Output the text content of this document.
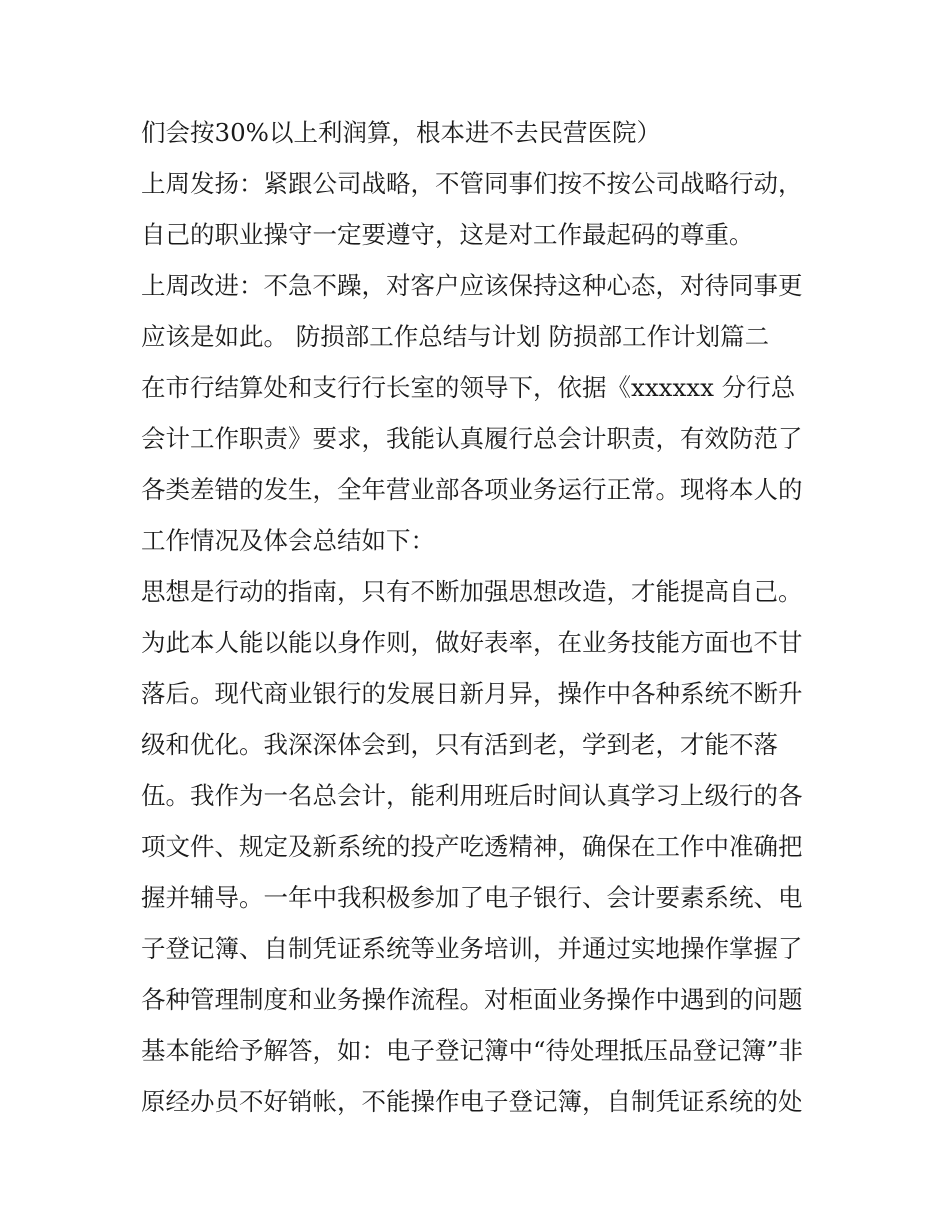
们会按30%以上利润算，根本进不去民营医院）
上周发扬：紧跟公司战略，不管同事们按不按公司战略行动，
自己的职业操守一定要遵守，这是对工作最起码的尊重。
上周改进：不急不躁，对客户应该保持这种心态，对待同事更
应该是如此。 防损部工作总结与计划 防损部工作计划篇二
在市行结算处和支行行长室的领导下，依据《xxxxxx 分行总
会计工作职责》要求，我能认真履行总会计职责，有效防范了
各类差错的发生，全年营业部各项业务运行正常。现将本人的
工作情况及体会总结如下：
思想是行动的指南，只有不断加强思想改造，才能提高自己。
为此本人能以能以身作则，做好表率，在业务技能方面也不甘
落后。现代商业银行的发展日新月异，操作中各种系统不断升
级和优化。我深深体会到，只有活到老，学到老，才能不落
伍。我作为一名总会计，能利用班后时间认真学习上级行的各
项文件、规定及新系统的投产吃透精神，确保在工作中准确把
握并辅导。一年中我积极参加了电子银行、会计要素系统、电
子登记簿、自制凭证系统等业务培训，并通过实地操作掌握了
各种管理制度和业务操作流程。对柜面业务操作中遇到的问题
基本能给予解答，如：电子登记簿中“待处理抵压品登记簿”非
原经办员不好销帐，不能操作电子登记簿，自制凭证系统的处
